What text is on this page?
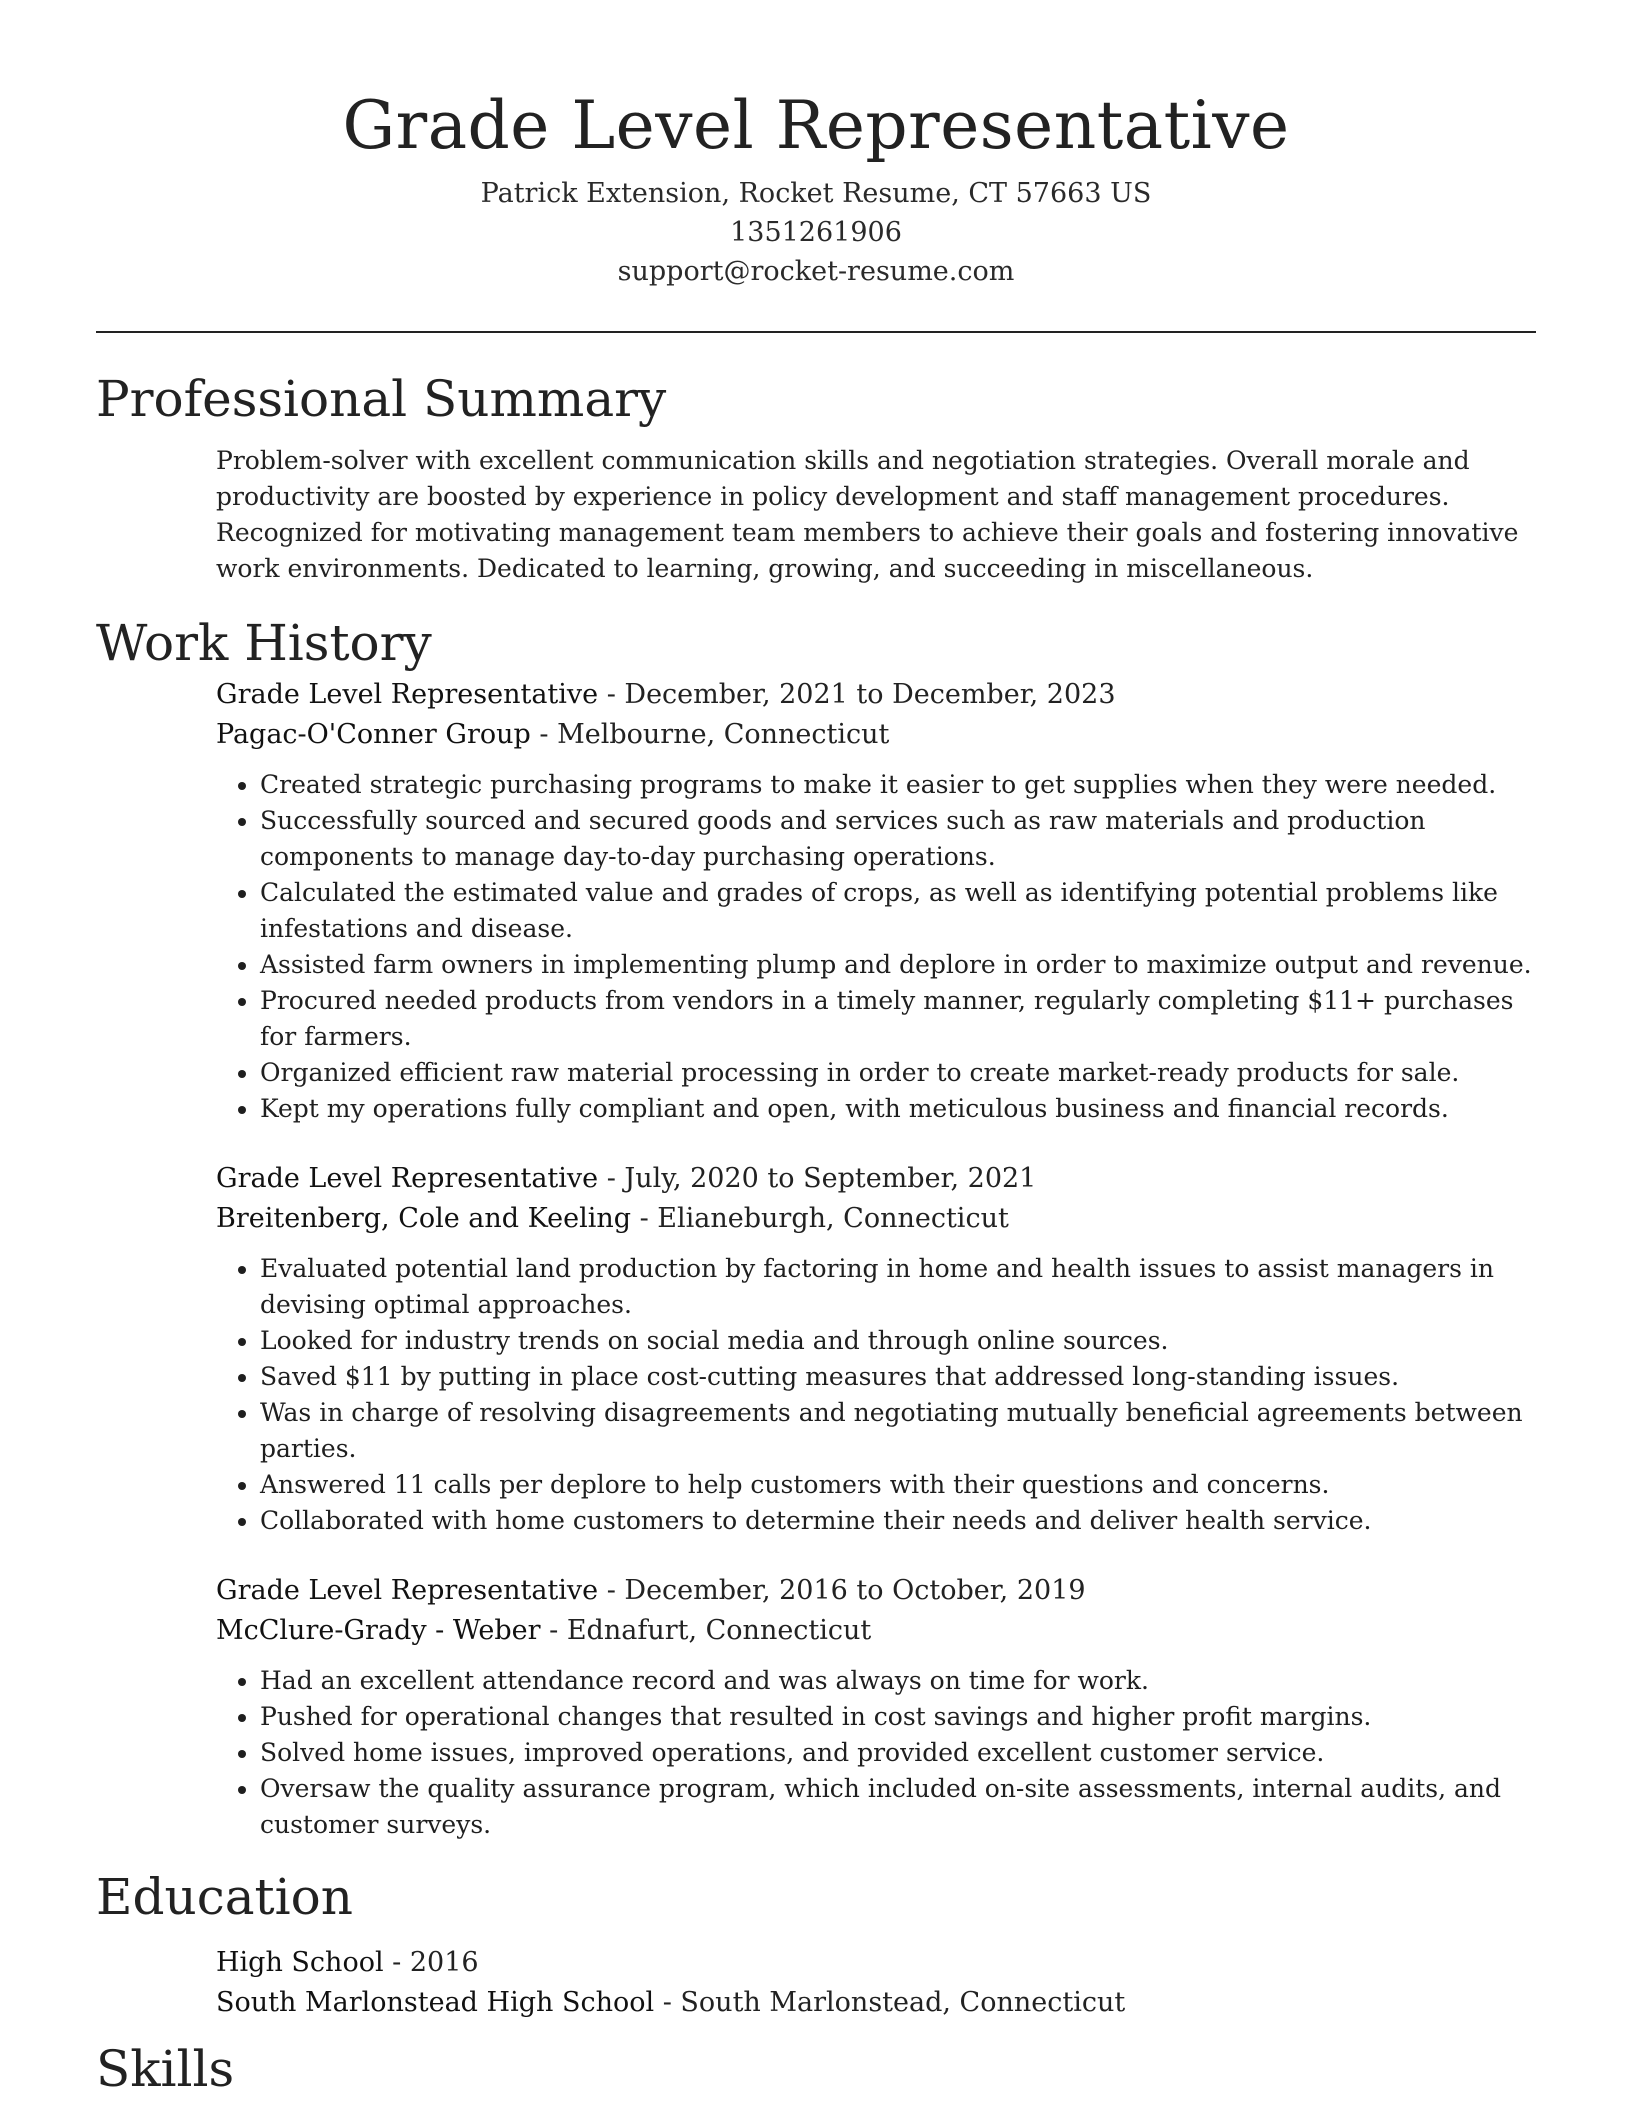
Grade Level Representative
Patrick Extension, Rocket Resume, CT 57663 US
1351261906
support@rocket-resume.com
Professional Summary

Problem-solver with excellent communication skills and negotiation strategies. Overall morale and productivity are boosted by experience in policy development and staff management procedures. Recognized for motivating management team members to achieve their goals and fostering innovative work environments. Dedicated to learning, growing, and succeeding in miscellaneous.

Work History
Grade Level Representative - December, 2021 to December, 2023
Pagac-O'Conner Group - Melbourne, Connecticut
• Created strategic purchasing programs to make it easier to get supplies when they were needed.
• Successfully sourced and secured goods and services such as raw materials and production components to manage day-to-day purchasing operations.
• Calculated the estimated value and grades of crops, as well as identifying potential problems like infestations and disease.
• Assisted farm owners in implementing plump and deplore in order to maximize output and revenue.
• Procured needed products from vendors in a timely manner, regularly completing $11+ purchases for farmers.
• Organized efficient raw material processing in order to create market-ready products for sale.
• Kept my operations fully compliant and open, with meticulous business and financial records.
Grade Level Representative - July, 2020 to September, 2021
Breitenberg, Cole and Keeling - Elianeburgh, Connecticut
• Evaluated potential land production by factoring in home and health issues to assist managers in devising optimal approaches.
• Looked for industry trends on social media and through online sources.
• Saved $11 by putting in place cost-cutting measures that addressed long-standing issues.
• Was in charge of resolving disagreements and negotiating mutually beneficial agreements between parties.
• Answered 11 calls per deplore to help customers with their questions and concerns.
• Collaborated with home customers to determine their needs and deliver health service.
Grade Level Representative - December, 2016 to October, 2019
McClure-Grady - Weber - Ednafurt, Connecticut
• Had an excellent attendance record and was always on time for work.
• Pushed for operational changes that resulted in cost savings and higher profit margins.
• Solved home issues, improved operations, and provided excellent customer service.
• Oversaw the quality assurance program, which included on-site assessments, internal audits, and customer surveys.
Education
High School - 2016
South Marlonstead High School - South Marlonstead, Connecticut
Skills
